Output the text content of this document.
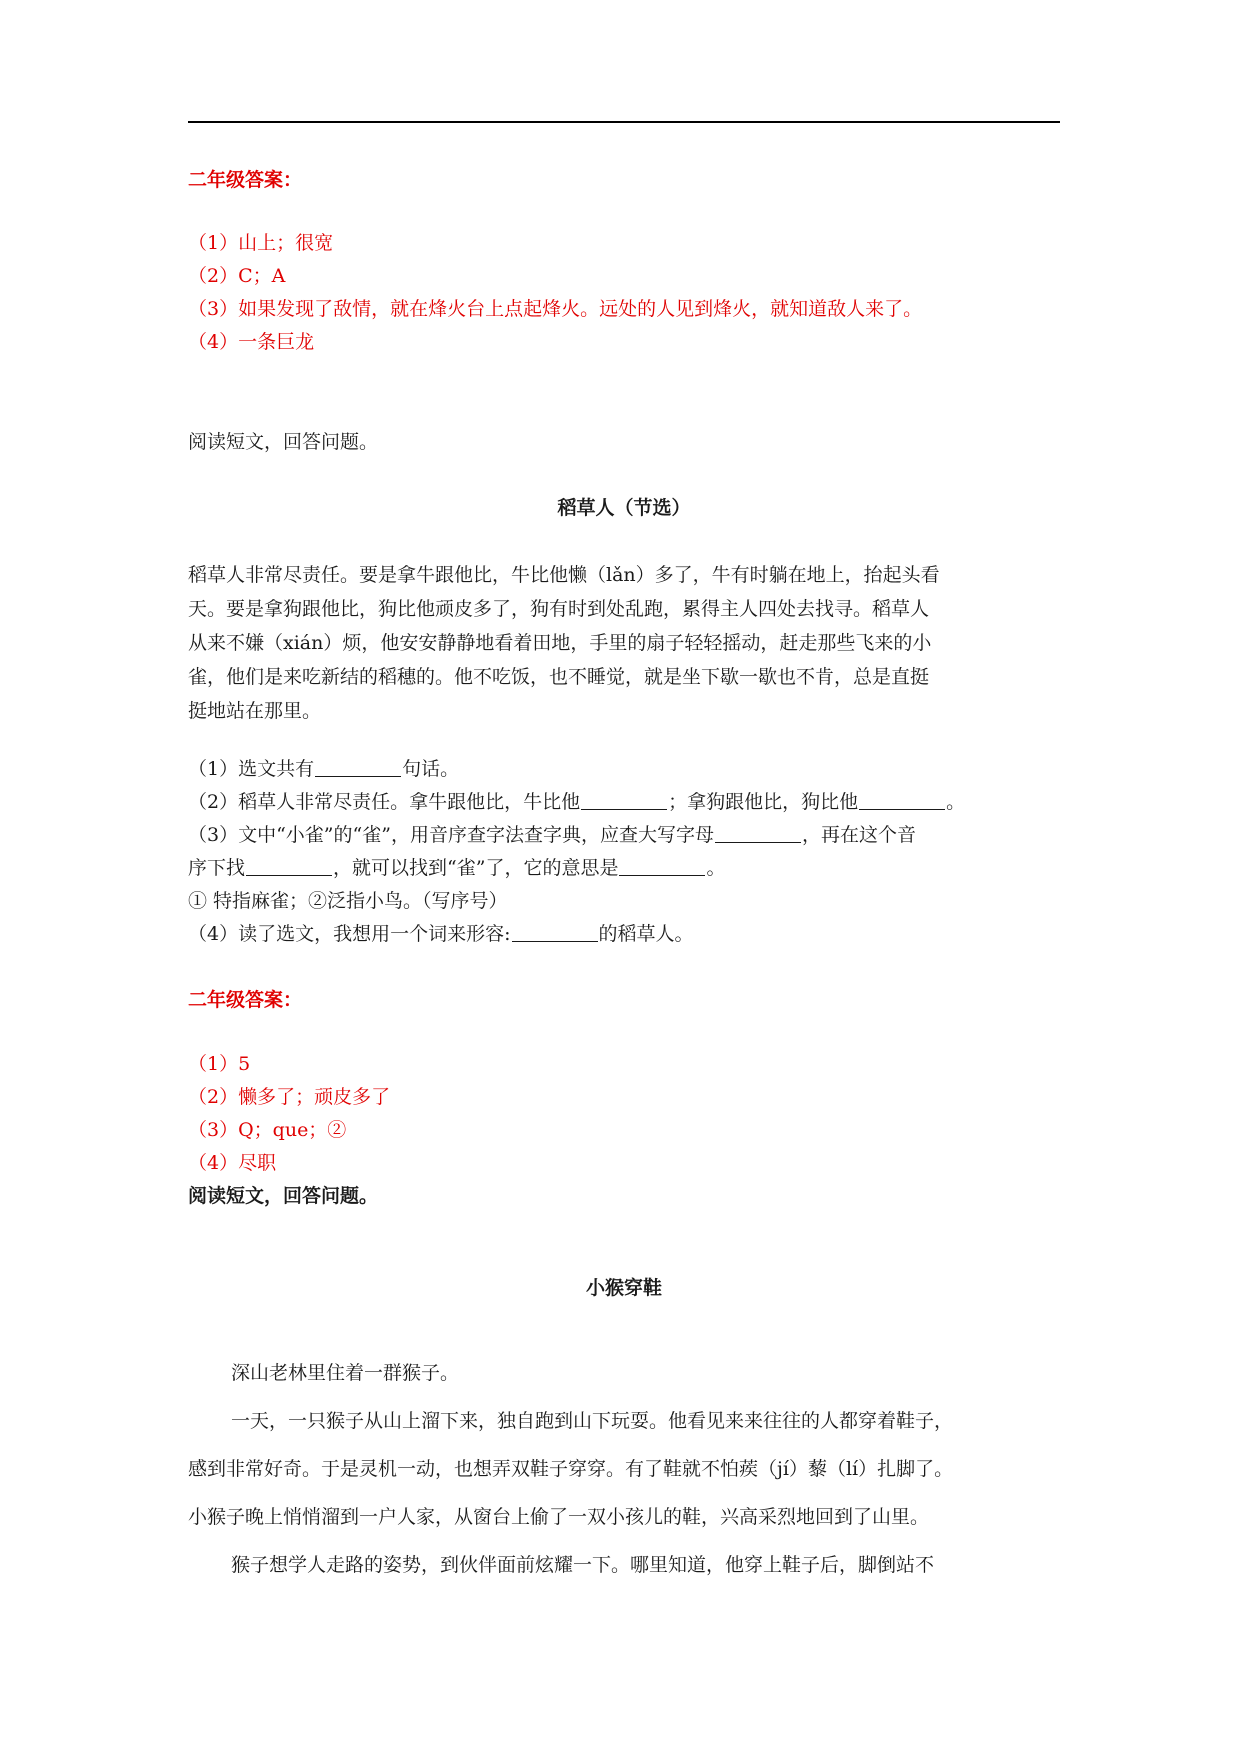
二年级答案：
（1）山上；很宽
（2）C；A
（3）如果发现了敌情，就在烽火台上点起烽火。远处的人见到烽火，就知道敌人来了。
（4）一条巨龙
阅读短文，回答问题。
稻草人（节选）
稻草人非常尽责任。要是拿牛跟他比，牛比他懒（lǎn）多了，牛有时躺在地上，抬起头看
天。要是拿狗跟他比，狗比他顽皮多了，狗有时到处乱跑，累得主人四处去找寻。稻草人
从来不嫌（xián）烦，他安安静静地看着田地，手里的扇子轻轻摇动，赶走那些飞来的小
雀，他们是来吃新结的稻穗的。他不吃饭，也不睡觉，就是坐下歇一歇也不肯，总是直挺
挺地站在那里。
（1）选文共有	句话。
（2）稻草人非常尽责任。拿牛跟他比，牛比他	；拿狗跟他比，狗比他	。
（3）文中“小雀”的“雀”，用音序查字法查字典，应查大写字母	，再在这个音
序下找	，就可以找到“雀”了，它的意思是	。
① 特指麻雀；②泛指小鸟。（写序号）
（4）读了选文，我想用一个词来形容:	的稻草人。
二年级答案：
（1）5
（2）懒多了；顽皮多了
（3）Q；que；②
（4）尽职
阅读短文，回答问题。
小猴穿鞋
深山老林里住着一群猴子。
一天，一只猴子从山上溜下来，独自跑到山下玩耍。他看见来来往往的人都穿着鞋子，
感到非常好奇。于是灵机一动，也想弄双鞋子穿穿。有了鞋就不怕蒺（jí）藜（lí）扎脚了。
小猴子晚上悄悄溜到一户人家，从窗台上偷了一双小孩儿的鞋，兴高采烈地回到了山里。
猴子想学人走路的姿势，到伙伴面前炫耀一下。哪里知道，他穿上鞋子后，脚倒站不
